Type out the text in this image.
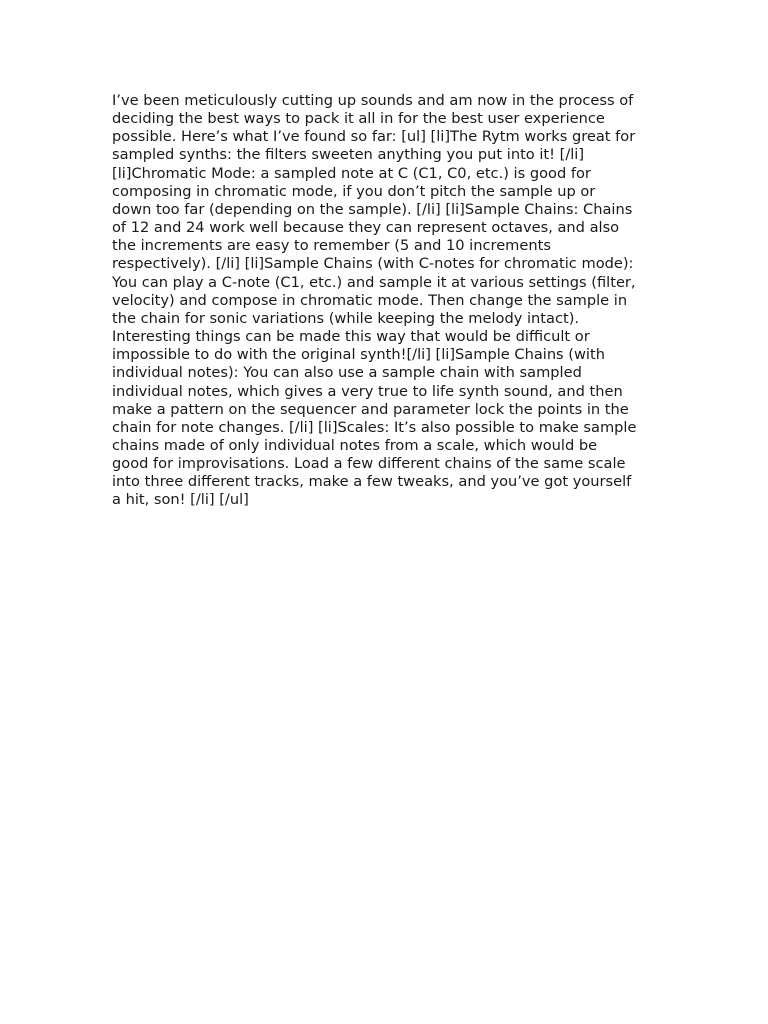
I’ve been meticulously cutting up sounds and am now in the process of
deciding the best ways to pack it all in for the best user experience
possible. Here’s what I’ve found so far: [ul] [li]The Rytm works great for
sampled synths: the filters sweeten anything you put into it! [/li]
[li]Chromatic Mode: a sampled note at C (C1, C0, etc.) is good for
composing in chromatic mode, if you don’t pitch the sample up or
down too far (depending on the sample). [/li] [li]Sample Chains: Chains
of 12 and 24 work well because they can represent octaves, and also
the increments are easy to remember (5 and 10 increments
respectively). [/li] [li]Sample Chains (with C-notes for chromatic mode):
You can play a C-note (C1, etc.) and sample it at various settings (filter,
velocity) and compose in chromatic mode. Then change the sample in
the chain for sonic variations (while keeping the melody intact).
Interesting things can be made this way that would be difficult or
impossible to do with the original synth![/li] [li]Sample Chains (with
individual notes): You can also use a sample chain with sampled
individual notes, which gives a very true to life synth sound, and then
make a pattern on the sequencer and parameter lock the points in the
chain for note changes. [/li] [li]Scales: It’s also possible to make sample
chains made of only individual notes from a scale, which would be
good for improvisations. Load a few different chains of the same scale
into three different tracks, make a few tweaks, and you’ve got yourself
a hit, son! [/li] [/ul]
